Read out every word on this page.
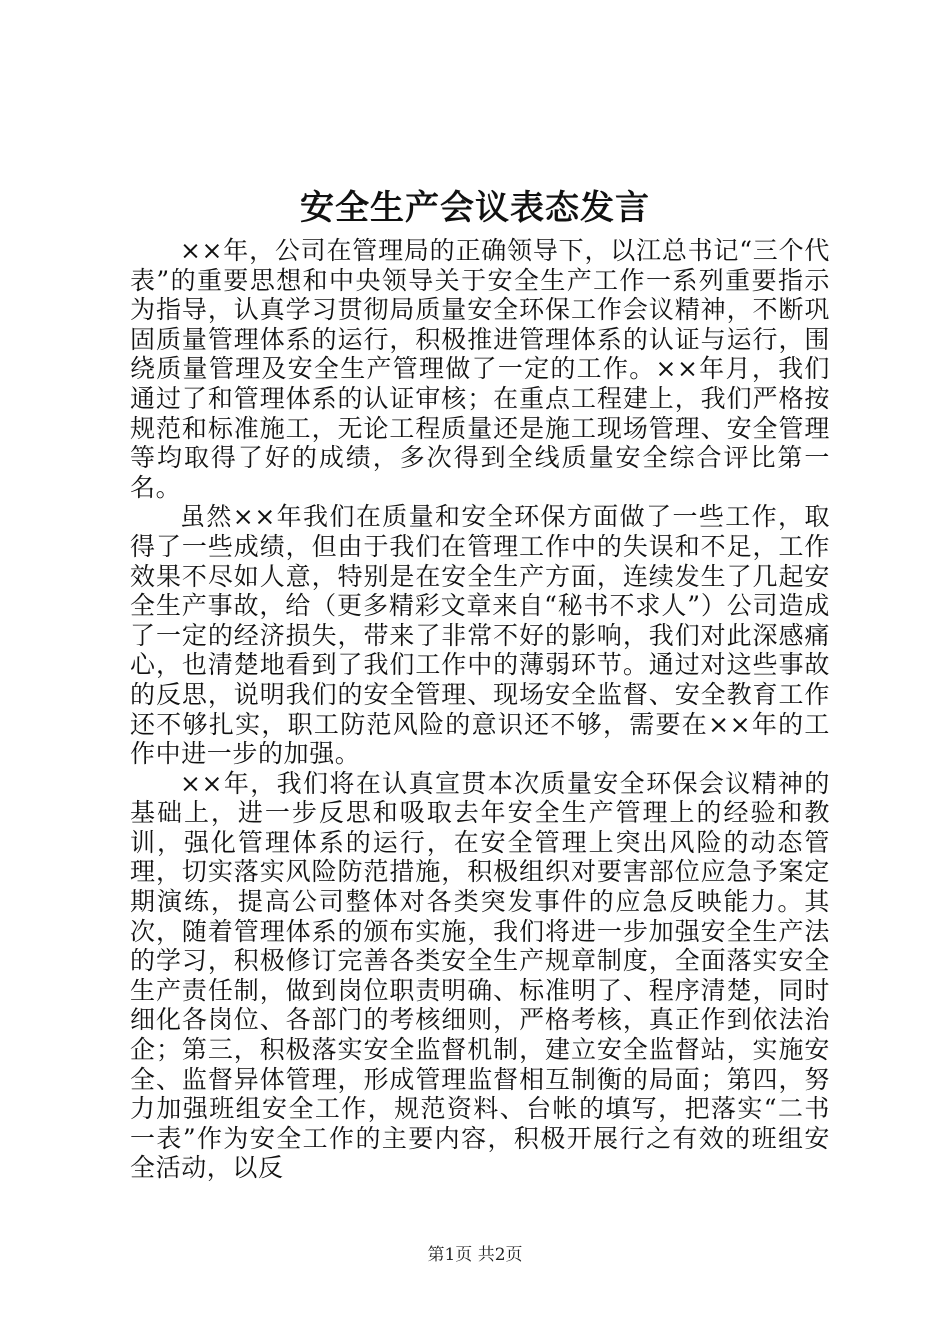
安全生产会议表态发言

××年，公司在管理局的正确领导下，以江总书记“三个代表”的重要思想和中央领导关于安全生产工作一系列重要指示为指导，认真学习贯彻局质量安全环保工作会议精神，不断巩固质量管理体系的运行，积极推进管理体系的认证与运行，围绕质量管理及安全生产管理做了一定的工作。××年月，我们通过了和管理体系的认证审核；在重点工程建上，我们严格按规范和标准施工，无论工程质量还是施工现场管理、安全管理等均取得了好的成绩，多次得到全线质量安全综合评比第一名。

虽然××年我们在质量和安全环保方面做了一些工作，取得了一些成绩，但由于我们在管理工作中的失误和不足，工作效果不尽如人意，特别是在安全生产方面，连续发生了几起安全生产事故，给（更多精彩文章来自“秘书不求人”）公司造成了一定的经济损失，带来了非常不好的影响，我们对此深感痛心，也清楚地看到了我们工作中的薄弱环节。通过对这些事故的反思，说明我们的安全管理、现场安全监督、安全教育工作还不够扎实，职工防范风险的意识还不够，需要在××年的工作中进一步的加强。

××年，我们将在认真宣贯本次质量安全环保会议精神的基础上，进一步反思和吸取去年安全生产管理上的经验和教训，强化管理体系的运行，在安全管理上突出风险的动态管理，切实落实风险防范措施，积极组织对要害部位应急予案定期演练，提高公司整体对各类突发事件的应急反映能力。其次，随着管理体系的颁布实施，我们将进一步加强安全生产法的学习，积极修订完善各类安全生产规章制度，全面落实安全生产责任制，做到岗位职责明确、标准明了、程序清楚，同时细化各岗位、各部门的考核细则，严格考核，真正作到依法治企；第三，积极落实安全监督机制，建立安全监督站，实施安全、监督异体管理，形成管理监督相互制衡的局面；第四，努力加强班组安全工作，规范资料、台帐的填写，把落实“二书一表”作为安全工作的主要内容，积极开展行之有效的班组安全活动，以反

第1页 共2页
